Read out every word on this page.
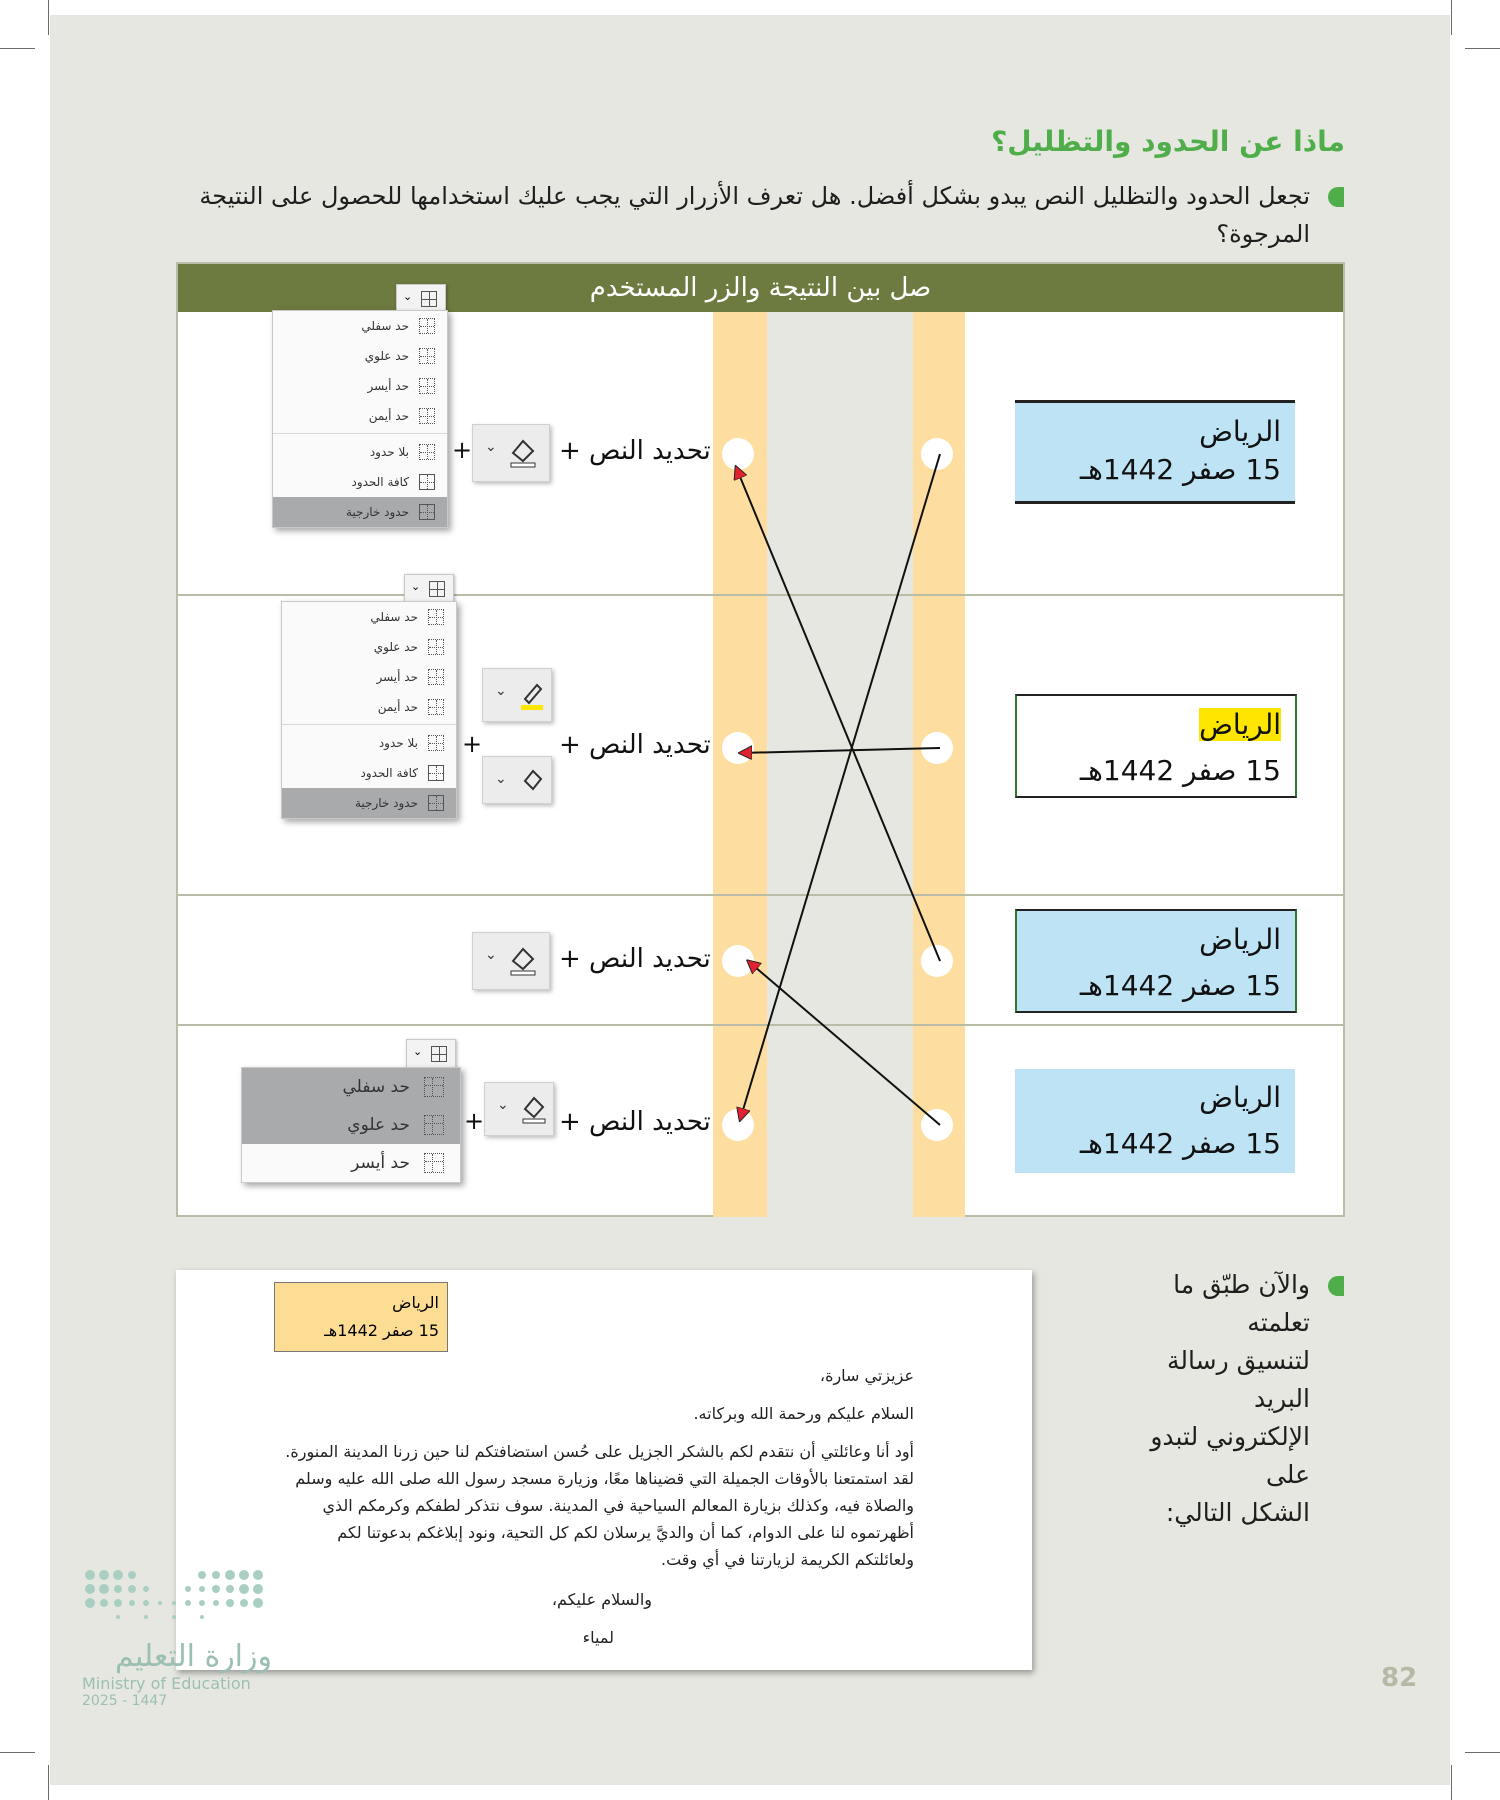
ماذا عن الحدود والتظليل؟
تجعل الحدود والتظليل النص يبدو بشكل أفضل. هل تعرف الأزرار التي يجب عليك استخدامها للحصول على النتيجة
المرجوة؟
صل بين النتيجة والزر المستخدم
الرياض
15 صفر 1442هـ
تحديد النص +
⌄
+
⌄
حد سفلي
حد علوي
حد أيسر
حد أيمن
بلا حدود
كافة الحدود
حدود خارجية
الرياض
15 صفر 1442هـ
تحديد النص +
⌄
⌄
+
⌄
حد سفلي
حد علوي
حد أيسر
حد أيمن
بلا حدود
كافة الحدود
حدود خارجية
الرياض
15 صفر 1442هـ
تحديد النص +
⌄
الرياض
15 صفر 1442هـ
تحديد النص +
⌄
+
⌄
حد سفلي
حد علوي
حد أيسر
والآن طبّق ما تعلمته
لتنسيق رسالة البريد
الإلكتروني لتبدو على
الشكل التالي:
الرياض
15 صفر 1442هـ
عزيزتي سارة،
السلام عليكم ورحمة الله وبركاته.
أود أنا وعائلتي أن نتقدم لكم بالشكر الجزيل على حُسن استضافتكم لنا حين زرنا المدينة المنورة.
لقد استمتعنا بالأوقات الجميلة التي قضيناها معًا، وزيارة مسجد رسول الله صلى الله عليه وسلم
والصلاة فيه، وكذلك بزيارة المعالم السياحية في المدينة. سوف نتذكر لطفكم وكرمكم الذي
أظهرتموه لنا على الدوام، كما أن والديَّ يرسلان لكم كل التحية، ونود إبلاغكم بدعوتنا لكم
ولعائلتكم الكريمة لزيارتنا في أي وقت.
والسلام عليكم،
لمياء
وزارة التعليم
Ministry of Education
2025 - 1447
82
